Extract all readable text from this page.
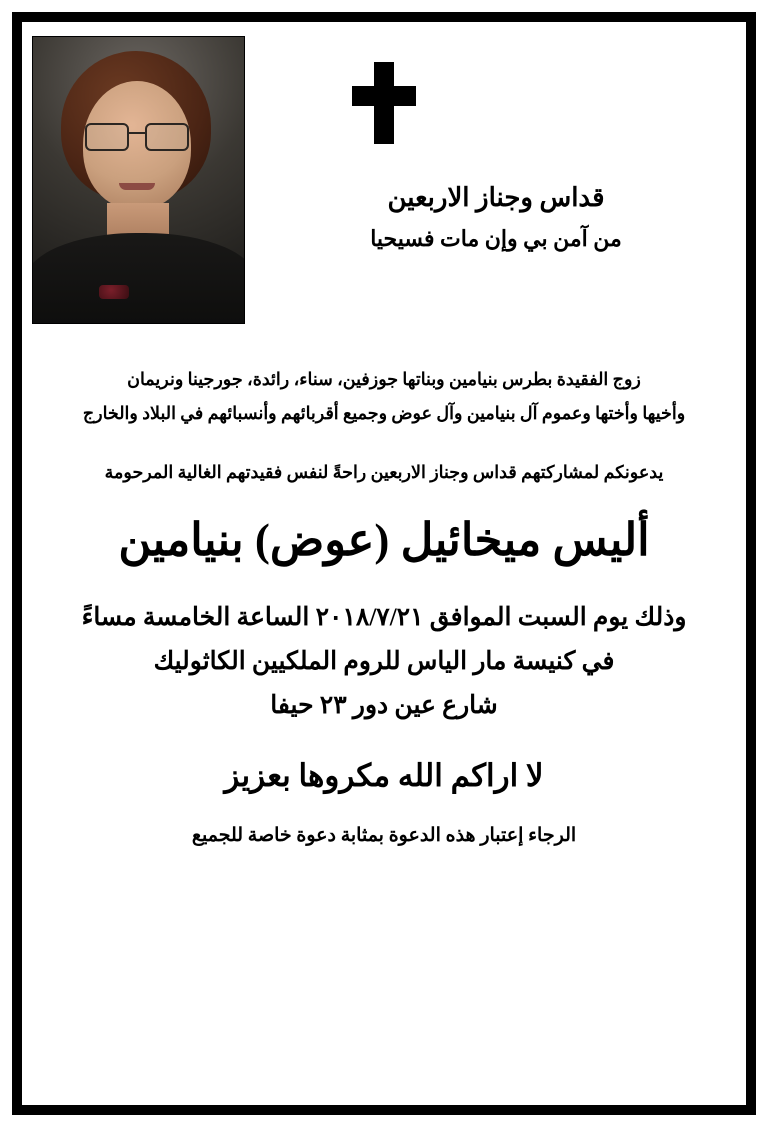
قداس وجناز الاربعين
من آمن بي وإن مات فسيحيا
زوج الفقيدة بطرس بنيامين وبناتها جوزفين، سناء، رائدة، جورجينا ونريمان
وأخيها وأختها وعموم آل بنيامين وآل عوض وجميع أقربائهم وأنسبائهم في البلاد والخارج
يدعونكم لمشاركتهم قداس وجناز الاربعين راحةً لنفس فقيدتهم الغالية المرحومة
أليس ميخائيل (عوض) بنيامين
وذلك يوم السبت الموافق ٢٠١٨/٧/٢١ الساعة الخامسة مساءً
في كنيسة مار الياس للروم الملكيين الكاثوليك
شارع عين دور ٢٣ حيفا
لا اراكم الله مكروها بعزيز
الرجاء إعتبار هذه الدعوة بمثابة دعوة خاصة للجميع
